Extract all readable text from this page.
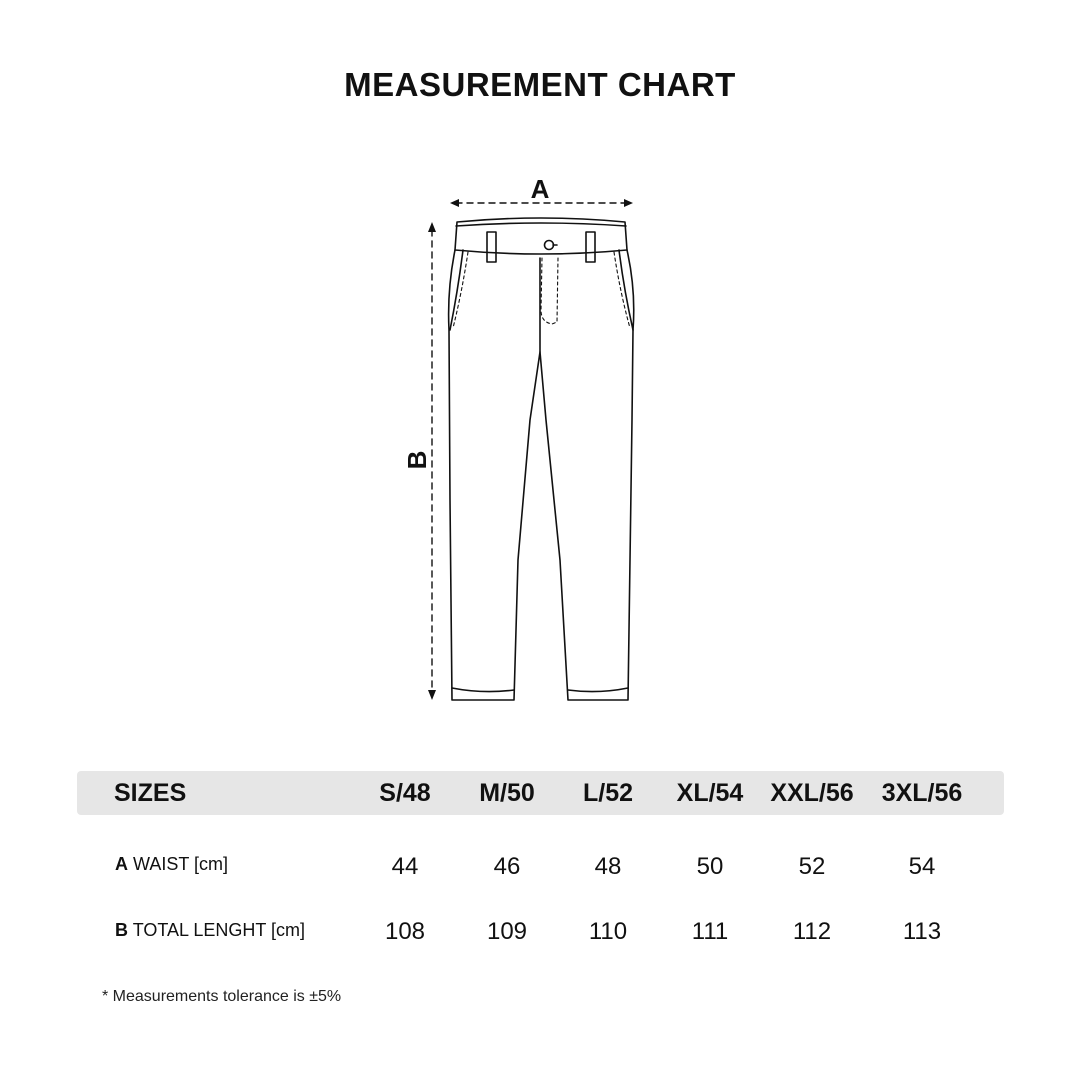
MEASUREMENT CHART
A
B
SIZES	S/48	M/50	L/52	XL/54	XXL/56	3XL/56
A WAIST [cm]	44	46	48	50	52	54
B TOTAL LENGHT [cm]	108	109	110	111	112	113
* Measurements tolerance is ±5%
